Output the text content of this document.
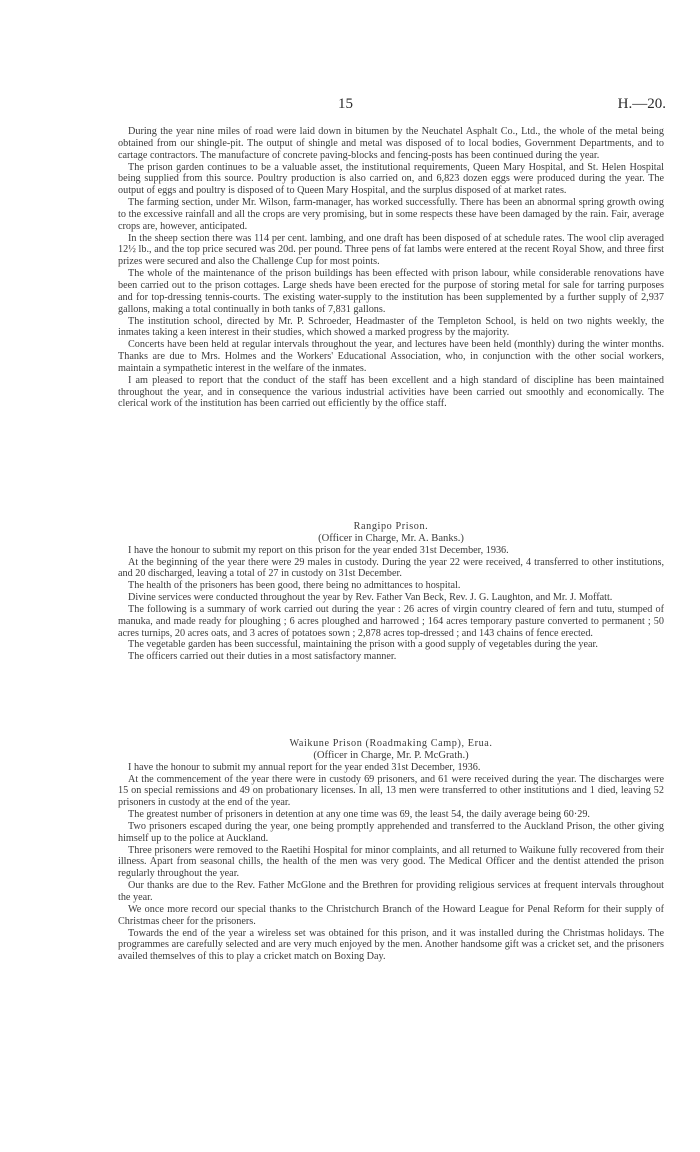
15	H.—20.

During the year nine miles of road were laid down in bitumen by the Neuchatel Asphalt Co., Ltd., the whole of the metal being obtained from our shingle-pit. The output of shingle and metal was disposed of to local bodies, Government Departments, and to cartage contractors. The manufacture of concrete paving-blocks and fencing-posts has been continued during the year.

The prison garden continues to be a valuable asset, the institutional requirements, Queen Mary Hospital, and St. Helen Hospital being supplied from this source. Poultry production is also carried on, and 6,823 dozen eggs were produced during the year. The output of eggs and poultry is disposed of to Queen Mary Hospital, and the surplus disposed of at market rates.

The farming section, under Mr. Wilson, farm-manager, has worked successfully. There has been an abnormal spring growth owing to the excessive rainfall and all the crops are very promising, but in some respects these have been damaged by the rain. Fair, average crops are, however, anticipated.

In the sheep section there was 114 per cent. lambing, and one draft has been disposed of at schedule rates. The wool clip averaged 12½ lb., and the top price secured was 20d. per pound. Three pens of fat lambs were entered at the recent Royal Show, and three first prizes were secured and also the Challenge Cup for most points.

The whole of the maintenance of the prison buildings has been effected with prison labour, while considerable renovations have been carried out to the prison cottages. Large sheds have been erected for the purpose of storing metal for sale for tarring purposes and for top-dressing tennis-courts. The existing water-supply to the institution has been supplemented by a further supply of 2,937 gallons, making a total continually in both tanks of 7,831 gallons.

The institution school, directed by Mr. P. Schroeder, Headmaster of the Templeton School, is held on two nights weekly, the inmates taking a keen interest in their studies, which showed a marked progress by the majority.

Concerts have been held at regular intervals throughout the year, and lectures have been held (monthly) during the winter months. Thanks are due to Mrs. Holmes and the Workers' Educational Association, who, in conjunction with the other social workers, maintain a sympathetic interest in the welfare of the inmates.

I am pleased to report that the conduct of the staff has been excellent and a high standard of discipline has been maintained throughout the year, and in consequence the various industrial activities have been carried out smoothly and economically. The clerical work of the institution has been carried out efficiently by the office staff.

Rangipo Prison.

(Officer in Charge, Mr. A. Banks.)

I have the honour to submit my report on this prison for the year ended 31st December, 1936.

At the beginning of the year there were 29 males in custody. During the year 22 were received, 4 transferred to other institutions, and 20 discharged, leaving a total of 27 in custody on 31st December.

The health of the prisoners has been good, there being no admittances to hospital.

Divine services were conducted throughout the year by Rev. Father Van Beck, Rev. J. G. Laughton, and Mr. J. Moffatt.

The following is a summary of work carried out during the year : 26 acres of virgin country cleared of fern and tutu, stumped of manuka, and made ready for ploughing ; 6 acres ploughed and harrowed ; 164 acres temporary pasture converted to permanent ; 50 acres turnips, 20 acres oats, and 3 acres of potatoes sown ; 2,878 acres top-dressed ; and 143 chains of fence erected.

The vegetable garden has been successful, maintaining the prison with a good supply of vegetables during the year.

The officers carried out their duties in a most satisfactory manner.

Waikune Prison (Roadmaking Camp), Erua.

(Officer in Charge, Mr. P. McGrath.)

I have the honour to submit my annual report for the year ended 31st December, 1936.

At the commencement of the year there were in custody 69 prisoners, and 61 were received during the year. The discharges were 15 on special remissions and 49 on probationary licenses. In all, 13 men were transferred to other institutions and 1 died, leaving 52 prisoners in custody at the end of the year.

The greatest number of prisoners in detention at any one time was 69, the least 54, the daily average being 60·29.

Two prisoners escaped during the year, one being promptly apprehended and transferred to the Auckland Prison, the other giving himself up to the police at Auckland.

Three prisoners were removed to the Raetihi Hospital for minor complaints, and all returned to Waikune fully recovered from their illness. Apart from seasonal chills, the health of the men was very good. The Medical Officer and the dentist attended the prison regularly throughout the year.

Our thanks are due to the Rev. Father McGlone and the Brethren for providing religious services at frequent intervals throughout the year.

We once more record our special thanks to the Christchurch Branch of the Howard League for Penal Reform for their supply of Christmas cheer for the prisoners.

Towards the end of the year a wireless set was obtained for this prison, and it was installed during the Christmas holidays. The programmes are carefully selected and are very much enjoyed by the men. Another handsome gift was a cricket set, and the prisoners availed themselves of this to play a cricket match on Boxing Day.
